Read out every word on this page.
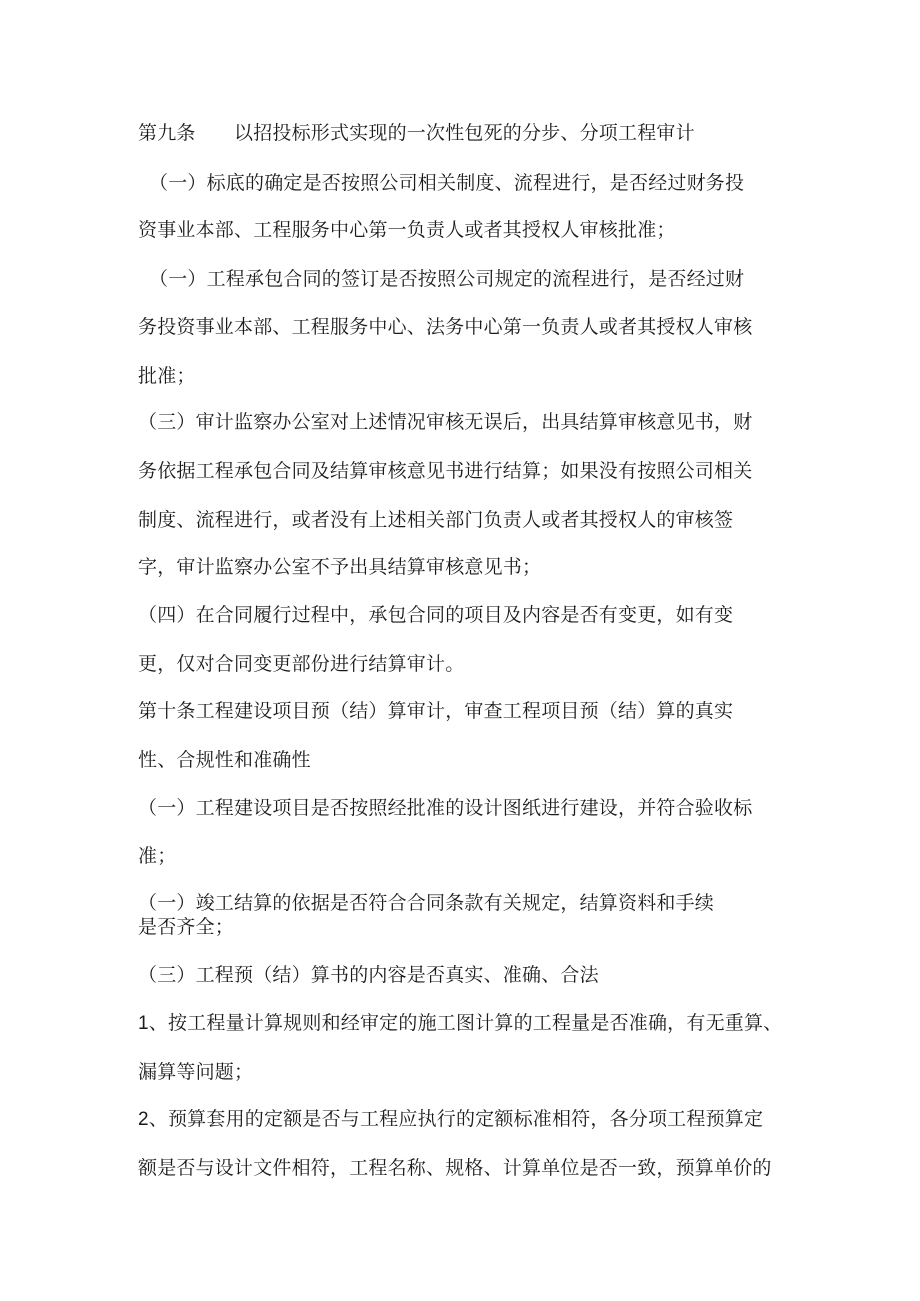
第九条　　以招投标形式实现的一次性包死的分步、分项工程审计
（一）标底的确定是否按照公司相关制度、流程进行，是否经过财务投
资事业本部、工程服务中心第一负责人或者其授权人审核批准；
（一）工程承包合同的签订是否按照公司规定的流程进行，是否经过财
务投资事业本部、工程服务中心、法务中心第一负责人或者其授权人审核
批准；
（三）审计监察办公室对上述情况审核无误后，出具结算审核意见书，财
务依据工程承包合同及结算审核意见书进行结算；如果没有按照公司相关
制度、流程进行，或者没有上述相关部门负责人或者其授权人的审核签
字，审计监察办公室不予出具结算审核意见书；
（四）在合同履行过程中，承包合同的项目及内容是否有变更，如有变
更，仅对合同变更部份进行结算审计。
第十条工程建设项目预（结）算审计，审查工程项目预（结）算的真实
性、合规性和准确性
（一）工程建设项目是否按照经批准的设计图纸进行建设，并符合验收标
准；
（一）竣工结算的依据是否符合合同条款有关规定，结算资料和手续
是否齐全；
（三）工程预（结）算书的内容是否真实、准确、合法
1、按工程量计算规则和经审定的施工图计算的工程量是否准确，有无重算、
漏算等问题；
2、预算套用的定额是否与工程应执行的定额标准相符，各分项工程预算定
额是否与设计文件相符，工程名称、规格、计算单位是否一致，预算单价的
